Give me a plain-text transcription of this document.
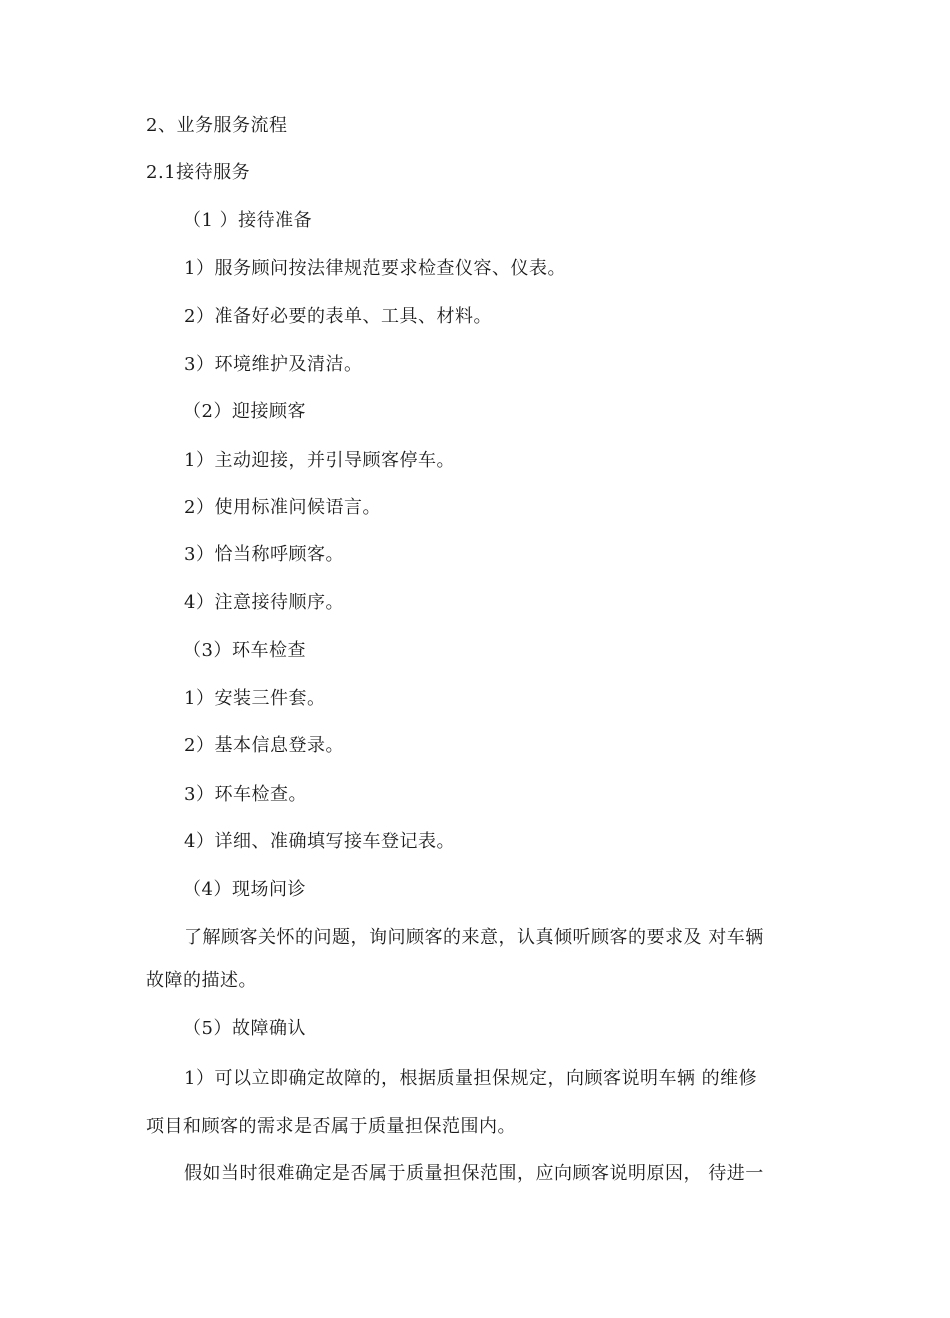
2、业务服务流程
2.1接待服务
（1 ）接待准备
1）服务顾问按法律规范要求检查仪容、仪表。
2）准备好必要的表单、工具、材料。
3）环境维护及清洁。
（2）迎接顾客
1）主动迎接，并引导顾客停车。
2）使用标准问候语言。
3）恰当称呼顾客。
4）注意接待顺序。
（3）环车检查
1）安装三件套。
2）基本信息登录。
3）环车检查。
4）详细、准确填写接车登记表。
（4）现场问诊
了解顾客关怀的问题，询问顾客的来意，认真倾听顾客的要求及 对车辆
故障的描述。
（5）故障确认
1）可以立即确定故障的，根据质量担保规定，向顾客说明车辆 的维修
项目和顾客的需求是否属于质量担保范围内。
假如当时很难确定是否属于质量担保范围，应向顾客说明原因， 待进一
